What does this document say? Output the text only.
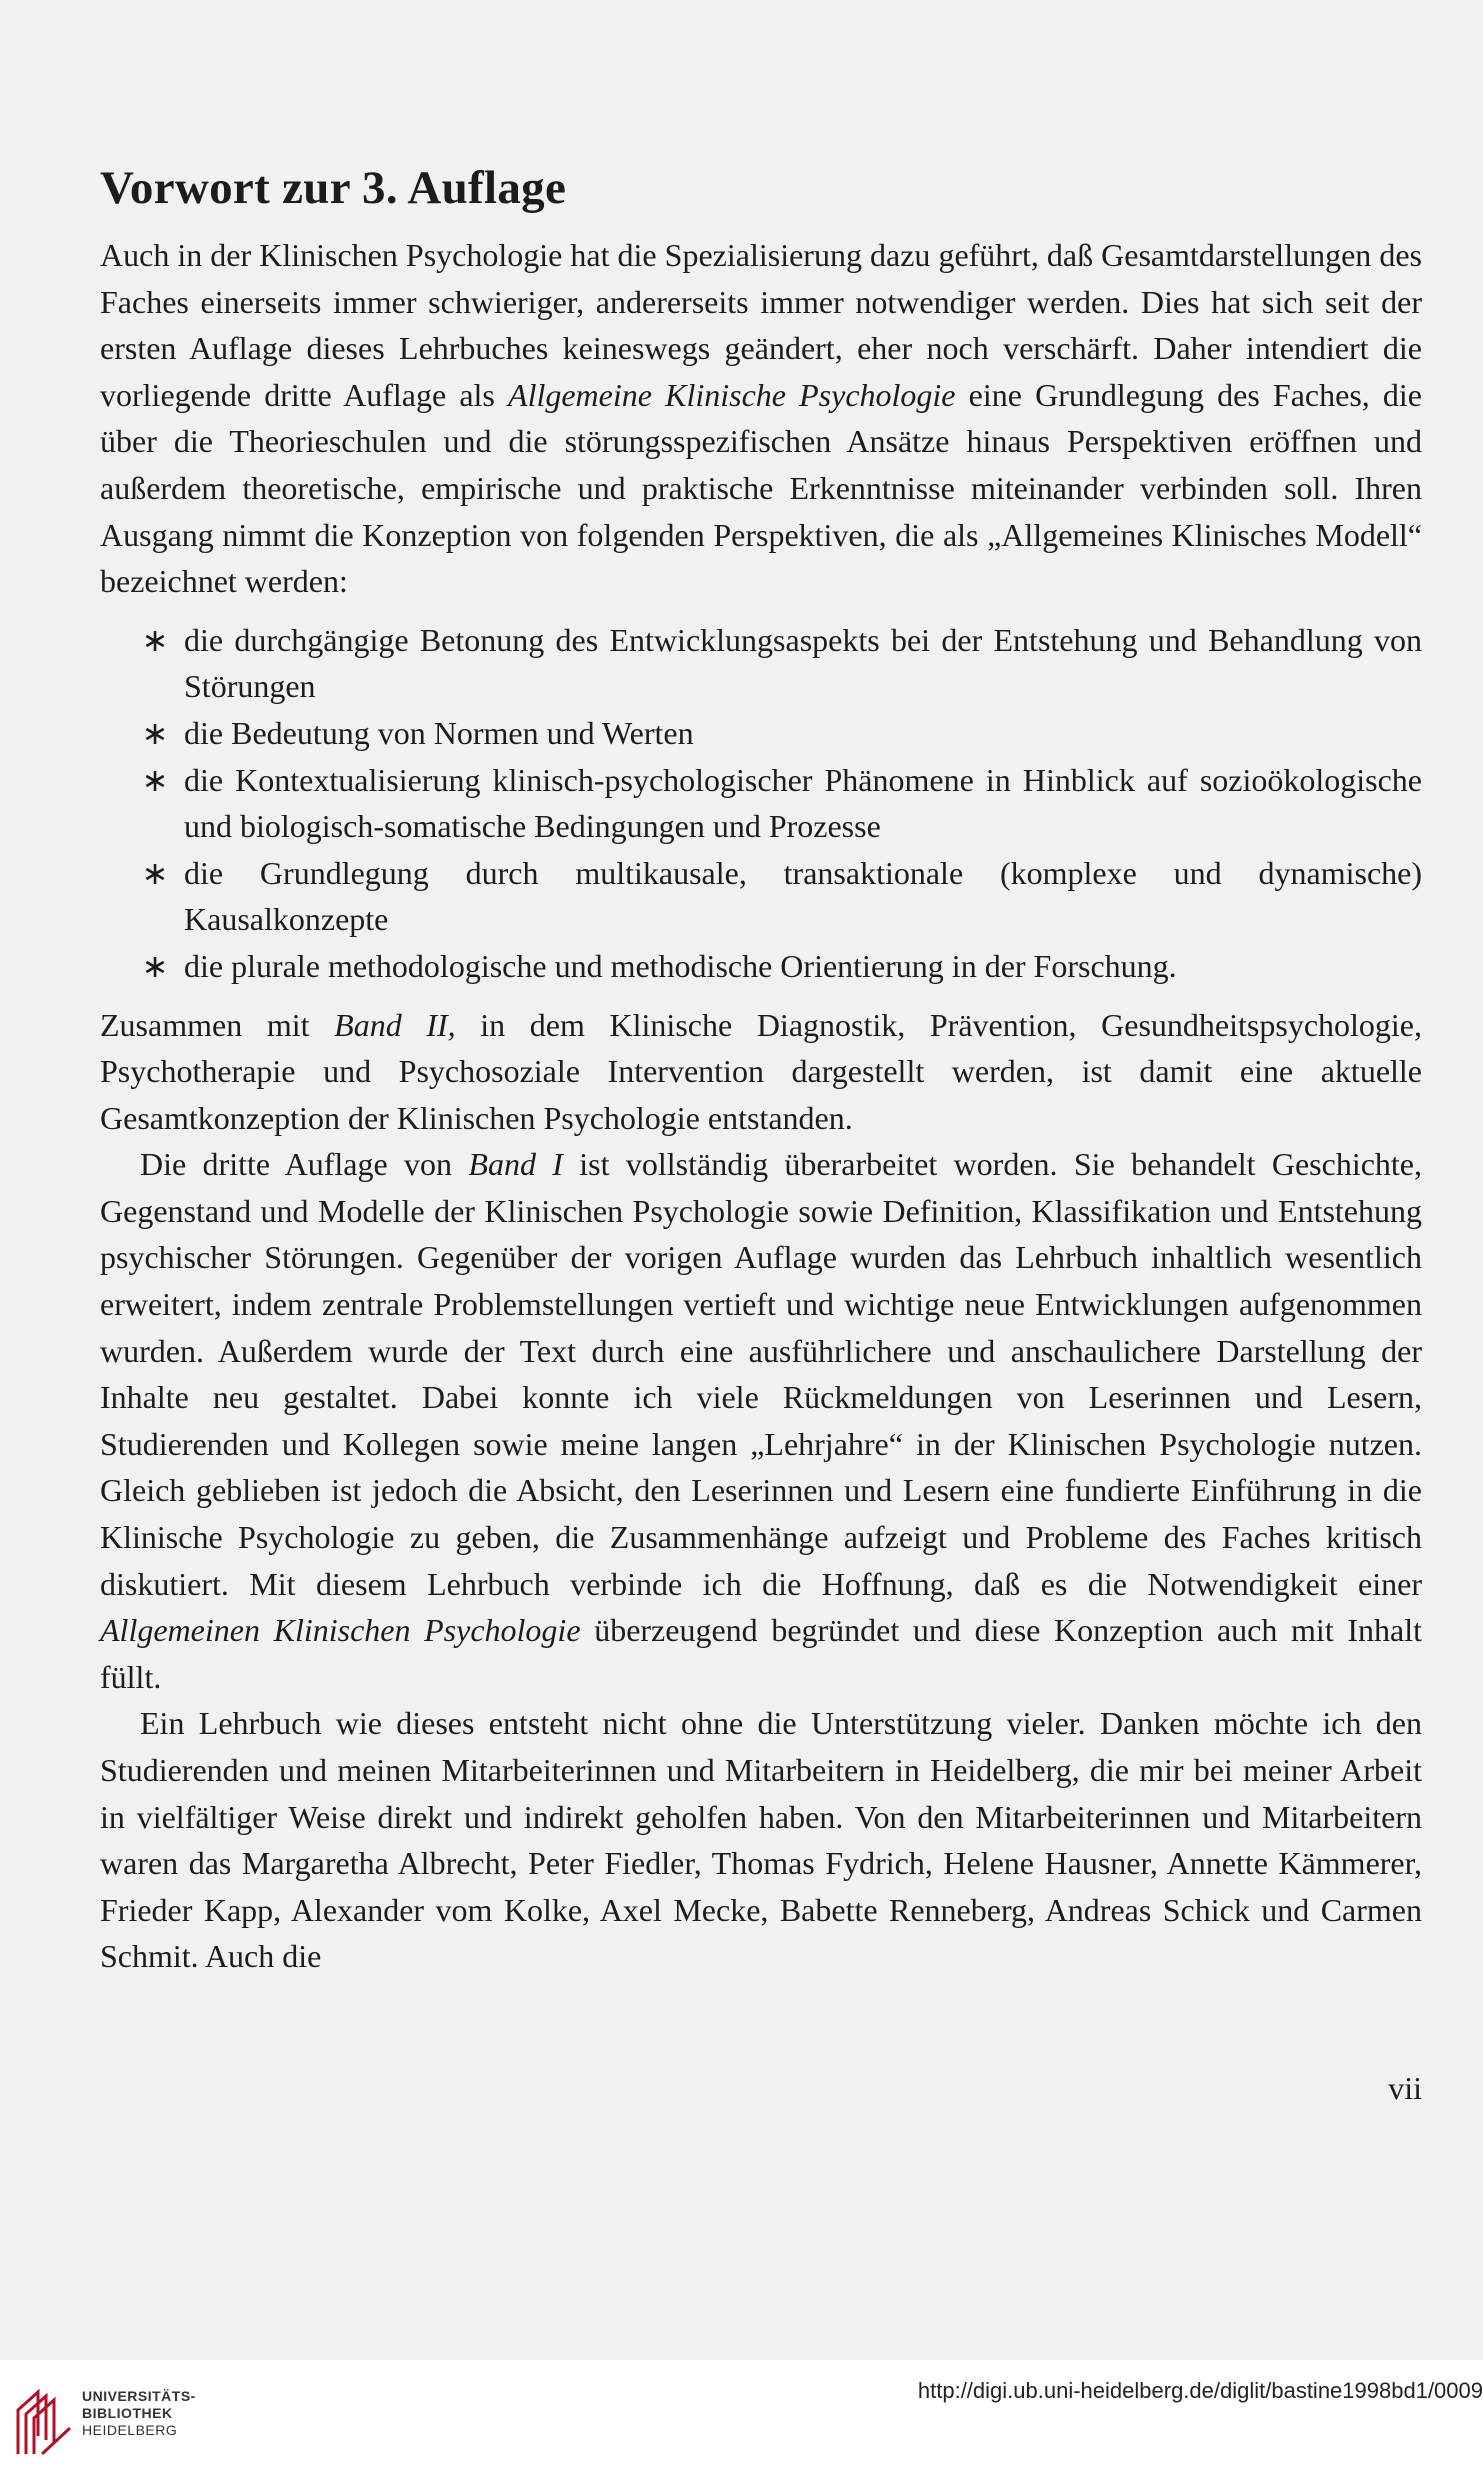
Vorwort zur 3. Auflage

Auch in der Klinischen Psychologie hat die Spezialisierung dazu geführt, daß Gesamtdarstellungen des Faches einerseits immer schwieriger, andererseits immer notwendiger werden. Dies hat sich seit der ersten Auflage dieses Lehrbuches keineswegs geändert, eher noch verschärft. Daher intendiert die vorliegende dritte Auflage als Allgemeine Klinische Psychologie eine Grundlegung des Faches, die über die Theorieschulen und die störungsspezifischen Ansätze hinaus Perspektiven eröffnen und außerdem theoretische, empirische und praktische Erkenntnisse miteinander verbinden soll. Ihren Ausgang nimmt die Konzeption von folgenden Perspektiven, die als „Allgemeines Klinisches Modell“ bezeichnet werden:

∗ die durchgängige Betonung des Entwicklungsaspekts bei der Entstehung und Behandlung von Störungen
∗ die Bedeutung von Normen und Werten
∗ die Kontextualisierung klinisch-psychologischer Phänomene in Hinblick auf sozioökologische und biologisch-somatische Bedingungen und Prozesse
∗ die Grundlegung durch multikausale, transaktionale (komplexe und dynamische) Kausalkonzepte
∗ die plurale methodologische und methodische Orientierung in der Forschung.

Zusammen mit Band II, in dem Klinische Diagnostik, Prävention, Gesundheitspsychologie, Psychotherapie und Psychosoziale Intervention dargestellt werden, ist damit eine aktuelle Gesamtkonzeption der Klinischen Psychologie entstanden.

Die dritte Auflage von Band I ist vollständig überarbeitet worden. Sie behandelt Geschichte, Gegenstand und Modelle der Klinischen Psychologie sowie Definition, Klassifikation und Entstehung psychischer Störungen. Gegenüber der vorigen Auflage wurden das Lehrbuch inhaltlich wesentlich erweitert, indem zentrale Problemstellungen vertieft und wichtige neue Entwicklungen aufgenommen wurden. Außerdem wurde der Text durch eine ausführlichere und anschaulichere Darstellung der Inhalte neu gestaltet. Dabei konnte ich viele Rückmeldungen von Leserinnen und Lesern, Studierenden und Kollegen sowie meine langen „Lehrjahre“ in der Klinischen Psychologie nutzen. Gleich geblieben ist jedoch die Absicht, den Leserinnen und Lesern eine fundierte Einführung in die Klinische Psychologie zu geben, die Zusammenhänge aufzeigt und Probleme des Faches kritisch diskutiert. Mit diesem Lehrbuch verbinde ich die Hoffnung, daß es die Notwendigkeit einer Allgemeinen Klinischen Psychologie überzeugend begründet und diese Konzeption auch mit Inhalt füllt.

Ein Lehrbuch wie dieses entsteht nicht ohne die Unterstützung vieler. Danken möchte ich den Studierenden und meinen Mitarbeiterinnen und Mitarbeitern in Heidelberg, die mir bei meiner Arbeit in vielfältiger Weise direkt und indirekt geholfen haben. Von den Mitarbeiterinnen und Mitarbeitern waren das Margaretha Albrecht, Peter Fiedler, Thomas Fydrich, Helene Hausner, Annette Kämmerer, Frieder Kapp, Alexander vom Kolke, Axel Mecke, Babette Renneberg, Andreas Schick und Carmen Schmit. Auch die

vii
UNIVERSITÄTS-
BIBLIOTHEK
HEIDELBERG
http://digi.ub.uni-heidelberg.de/diglit/bastine1998bd1/0009
